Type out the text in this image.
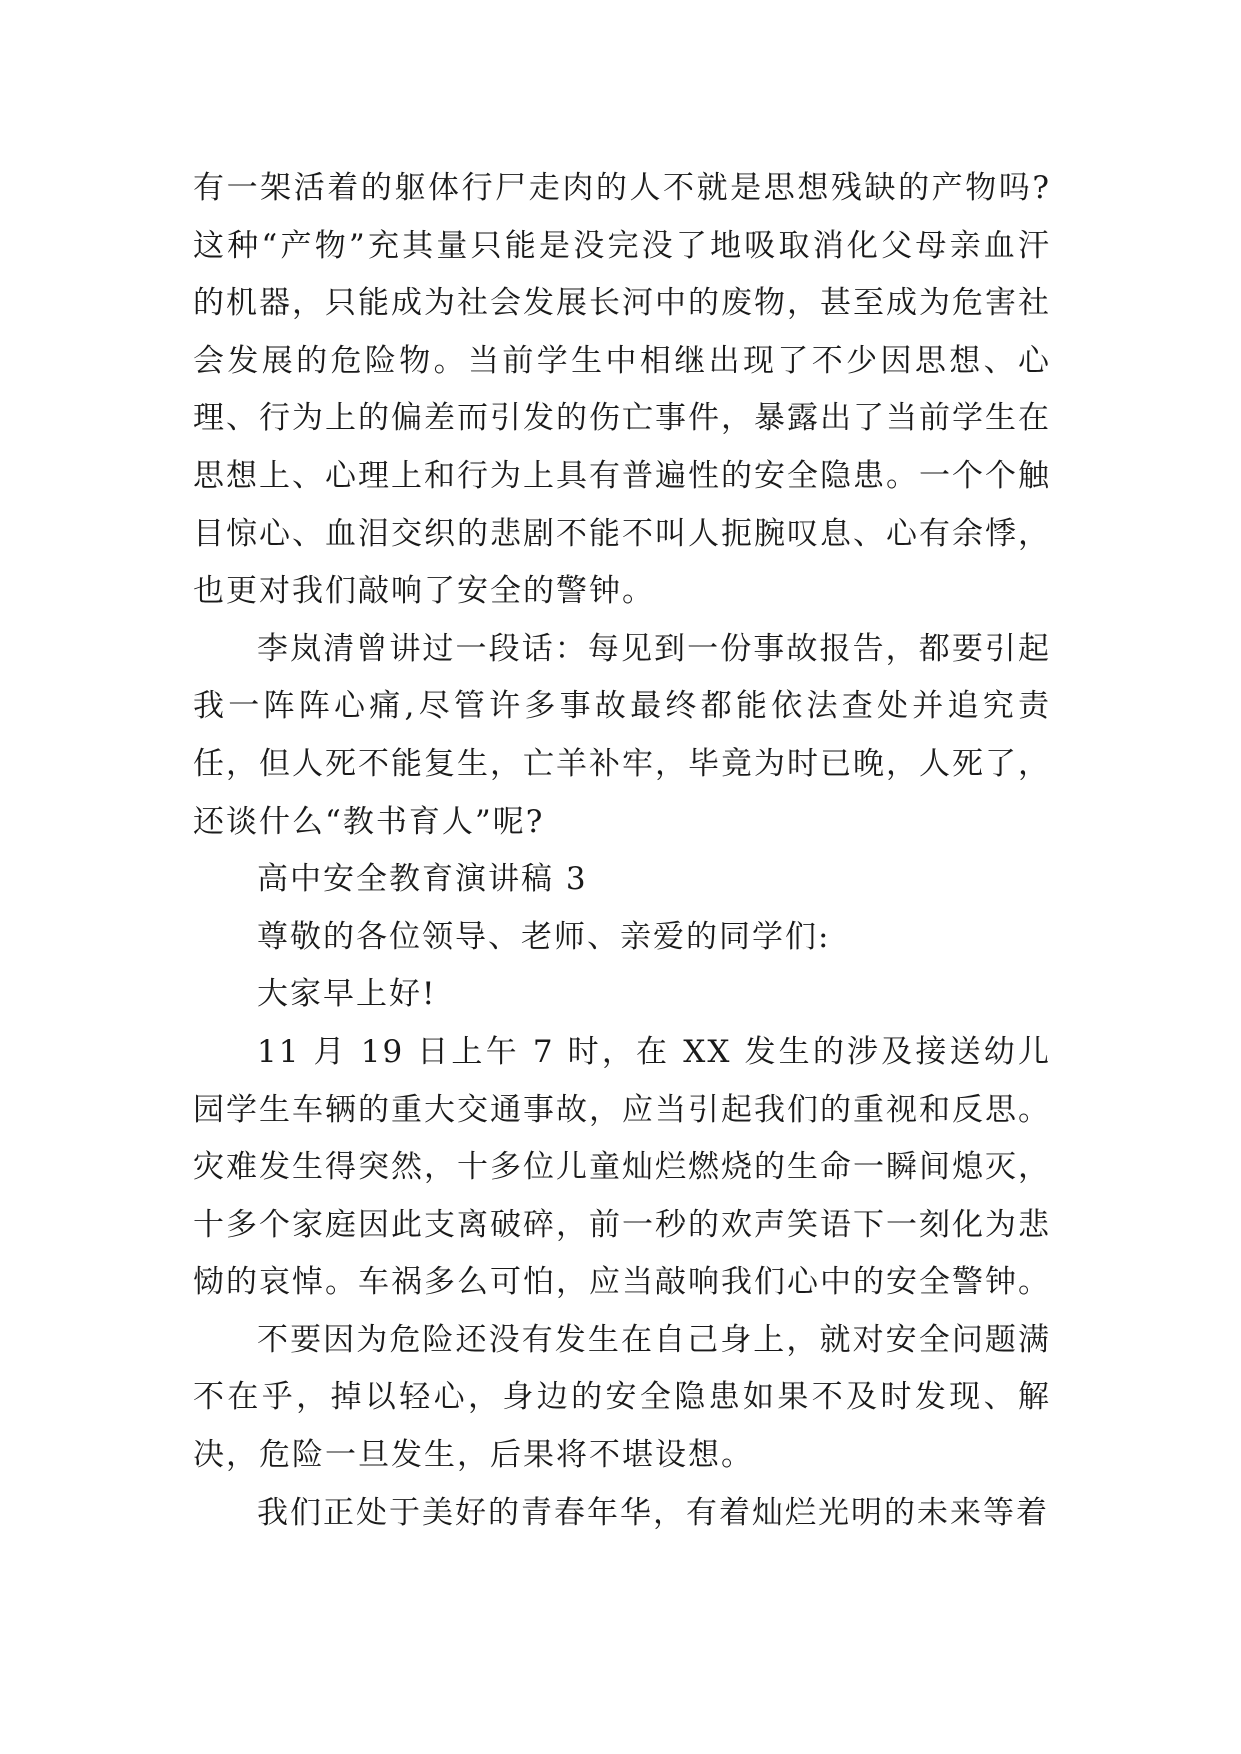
有一架活着的躯体行尸走肉的人不就是思想残缺的产物吗?这种“产物”充其量只能是没完没了地吸取消化父母亲血汗的机器，只能成为社会发展长河中的废物，甚至成为危害社会发展的危险物。当前学生中相继出现了不少因思想、心理、行为上的偏差而引发的伤亡事件，暴露出了当前学生在思想上、心理上和行为上具有普遍性的安全隐患。一个个触目惊心、血泪交织的悲剧不能不叫人扼腕叹息、心有余悸，也更对我们敲响了安全的警钟。

李岚清曾讲过一段话：每见到一份事故报告，都要引起我一阵阵心痛,尽管许多事故最终都能依法查处并追究责任，但人死不能复生，亡羊补牢，毕竟为时已晚，人死了，还谈什么“教书育人”呢?

高中安全教育演讲稿 3

尊敬的各位领导、老师、亲爱的同学们:

大家早上好!

11 月 19 日上午 7 时，在 XX 发生的涉及接送幼儿园学生车辆的重大交通事故，应当引起我们的重视和反思。灾难发生得突然，十多位儿童灿烂燃烧的生命一瞬间熄灭，十多个家庭因此支离破碎，前一秒的欢声笑语下一刻化为悲恸的哀悼。车祸多么可怕，应当敲响我们心中的安全警钟。

不要因为危险还没有发生在自己身上，就对安全问题满不在乎，掉以轻心，身边的安全隐患如果不及时发现、解决，危险一旦发生，后果将不堪设想。

我们正处于美好的青春年华，有着灿烂光明的未来等着
